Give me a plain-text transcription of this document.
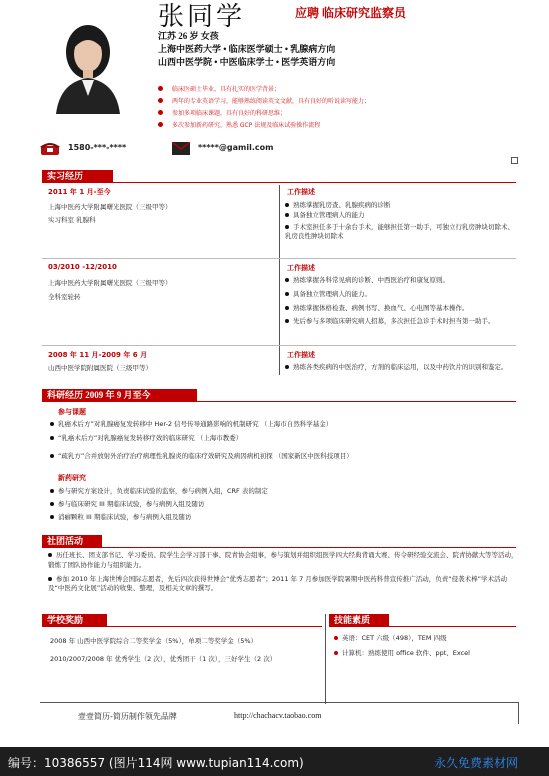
张同学	应聘 临床研究监察员
江苏 26 岁 女孩
上海中医药大学 • 临床医学硕士 • 乳腺病方向
山西中医学院 • 中医临床学士 • 医学英语方向
临床医硕士毕业，具有扎实的医学背景；
两年的专业英语学习，能够熟练阅读英文文献，具有良好的听说读写能力；
参加多项临床课题，具有良好的科研思维；
多次参加新药研究，熟悉 GCP 法规及临床试验操作流程
1580-***-****	*****@gamil.com
实习经历
2011 年 1 月-至今
上海中医药大学附属曙光医院（三级甲等）
实习科室 乳腺科
工作描述
熟练掌握乳房查、乳腺疾病的诊断
具备独立管理病人的能力
手术室担任多于十余台手术，能够担任第一助手，可独立行乳房肿块切除术、乳房良性肿块切除术
03/2010 -12/2010
上海中医药大学附属曙光医院（三级甲等）
全科室轮转
工作描述
熟练掌握各科常见病的诊断、中西医治疗和康复原则。
具备独立管理病人的能力。
熟练掌握体格检查、病例书写、换血气、心电图等基本操作。
先后参与多项临床研究病人招募，多次担任急诊手术时担当第一助手。
2008 年 11 月-2009 年 6 月
山西中医学院附属医院（三级甲等）
工作描述
熟练各类疾病的中医治疗，方剂的临床运用，以及中药饮片的识别和鉴定。
科研经历 2009 年 9 月至今
参与课题
乳癌术后方”对乳腺癌复发转移中 Her-2 信号传导通路影响的机制研究 （上海市自然科学基金）
“乳癌术后方”对乳腺癌复发转移疗效的临床研究 （上海市教委）
“疏乳方”合并放射外治疗治疗病理性乳腺炎的临床疗效研究及病因病机初探 （国家新区中医科技项目）
新药研究
参与研究方案设计，负责临床试验的监察，参与病例入组，CRF 表的制定
参与临床研究 III 期临床试验，参与病例入组及随访
消癖颗粒 III 期临床试验，参与病例入组及随访
社团活动
历任班长、团支部书记、学习委员、院学生会学习部干事、院青协会组事，参与策划并组织组医学四大经典背诵大赛、传令研经验交流会、院青协献大等等活动，锻炼了团队协作能力与组织能力。
参加 2010 年上海世博会国际志愿者，先后四次获得世博会“优秀志愿者”；2011 年 7 月参加医学院暑期中医药科普宣传推广活动，负责“侵袭术棒”学术活动及“中医药文化展”活动的收集、整理，及相关文章的撰写。
学校奖励	技能素质
2008 年 山西中医学院综合二等奖学金（5%），单项二等奖学金（5%）
2010/2007/2008 年 优秀学生（2 次），优秀团干（1 次），三好学生（2 次）
英语：CET 六级（498），TEM 四级
计算机：熟练使用 office 软件、ppt、Excel
壹壹简历-简历制作领先品牌	http://chachacv.taobao.com
编号：10386557 (图片114网 www.tupian114.com)	永久免费素材网
